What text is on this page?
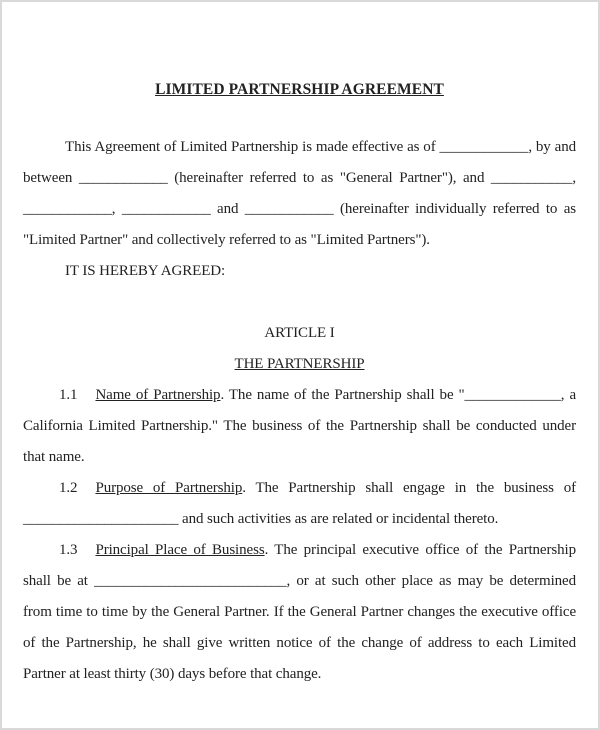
LIMITED PARTNERSHIP AGREEMENT

This Agreement of Limited Partnership is made effective as of ____________, by and between ____________ (hereinafter referred to as "General Partner"), and ___________, ____________, ____________ and ____________ (hereinafter individually referred to as "Limited Partner" and collectively referred to as "Limited Partners").

IT IS HEREBY AGREED:

ARTICLE I
THE PARTNERSHIP

1.1 Name of Partnership. The name of the Partnership shall be "_____________, a California Limited Partnership." The business of the Partnership shall be conducted under that name.

1.2 Purpose of Partnership. The Partnership shall engage in the business of _____________________ and such activities as are related or incidental thereto.

1.3 Principal Place of Business. The principal executive office of the Partnership shall be at __________________________, or at such other place as may be determined from time to time by the General Partner. If the General Partner changes the executive office of the Partnership, he shall give written notice of the change of address to each Limited Partner at least thirty (30) days before that change.
